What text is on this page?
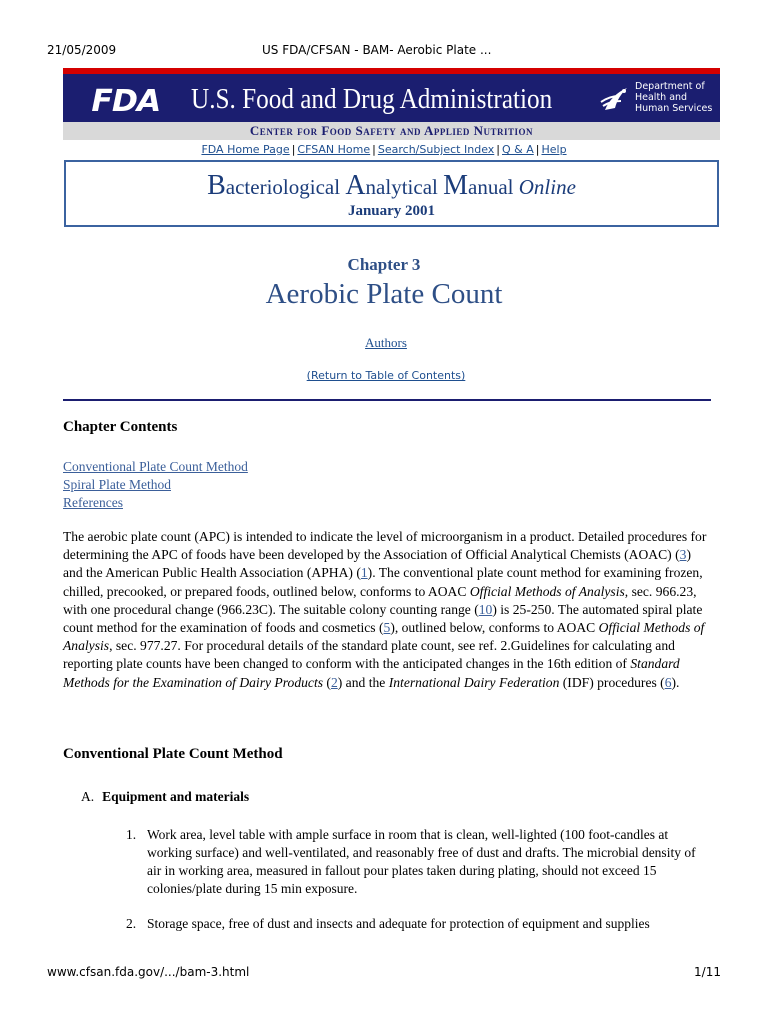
21/05/2009	US FDA/CFSAN - BAM- Aerobic Plate ...
FDA U.S. Food and Drug Administration	Department of
Health and
Human Services
Center for Food Safety and Applied Nutrition
FDA Home Page | CFSAN Home | Search/Subject Index | Q & A | Help
Bacteriological Analytical Manual Online
January 2001
Chapter 3
Aerobic Plate Count
Authors
(Return to Table of Contents)
Chapter Contents
Conventional Plate Count Method
Spiral Plate Method
References
The aerobic plate count (APC) is intended to indicate the level of microorganism in a product. Detailed procedures for determining the APC of foods have been developed by the Association of Official Analytical Chemists (AOAC) (3) and the American Public Health Association (APHA) (1). The conventional plate count method for examining frozen, chilled, precooked, or prepared foods, outlined below, conforms to AOAC Official Methods of Analysis, sec. 966.23, with one procedural change (966.23C). The suitable colony counting range (10) is 25-250. The automated spiral plate count method for the examination of foods and cosmetics (5), outlined below, conforms to AOAC Official Methods of Analysis, sec. 977.27. For procedural details of the standard plate count, see ref. 2.Guidelines for calculating and reporting plate counts have been changed to conform with the anticipated changes in the 16th edition of Standard Methods for the Examination of Dairy Products (2) and the International Dairy Federation (IDF) procedures (6).
Conventional Plate Count Method
A. Equipment and materials
1. Work area, level table with ample surface in room that is clean, well-lighted (100 foot-candles at working surface) and well-ventilated, and reasonably free of dust and drafts. The microbial density of air in working area, measured in fallout pour plates taken during plating, should not exceed 15 colonies/plate during 15 min exposure.
2. Storage space, free of dust and insects and adequate for protection of equipment and supplies
www.cfsan.fda.gov/.../bam-3.html	1/11
